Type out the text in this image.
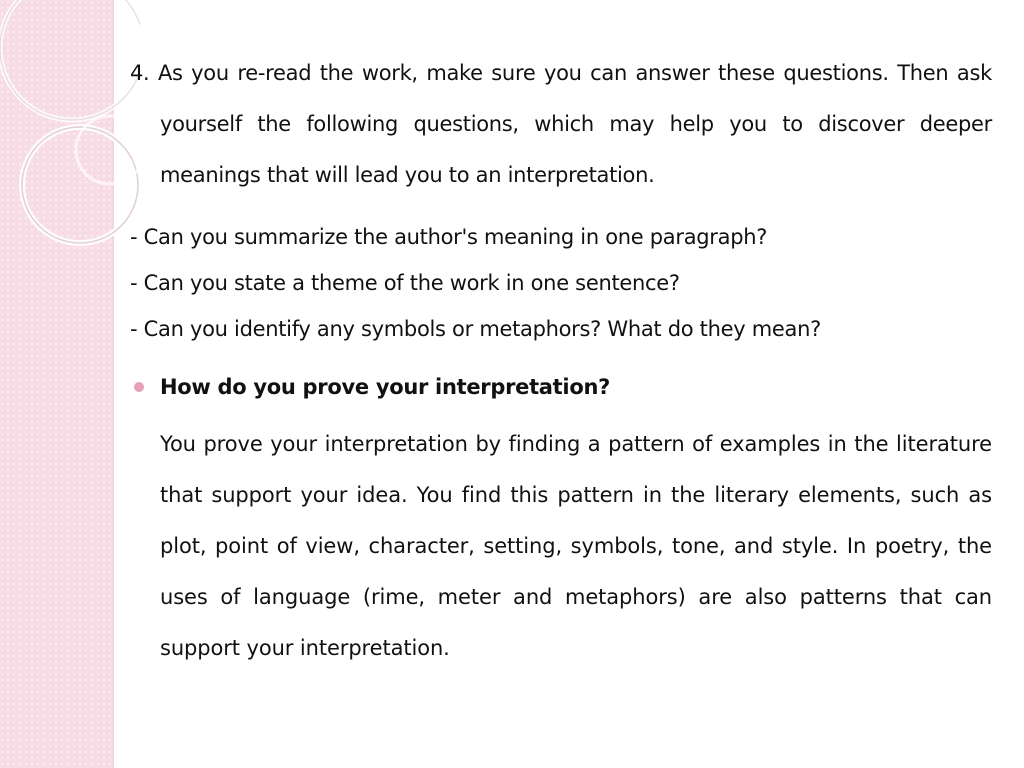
4. As you re-read the work, make sure you can answer these questions. Then ask yourself the following questions, which may help you to discover deeper meanings that will lead you to an interpretation.

- Can you summarize the author's meaning in one paragraph?

- Can you state a theme of the work in one sentence?

- Can you identify any symbols or metaphors? What do they mean?

How do you prove your interpretation?

You prove your interpretation by finding a pattern of examples in the literature that support your idea. You find this pattern in the literary elements, such as plot, point of view, character, setting, symbols, tone, and style. In poetry, the uses of language (rime, meter and metaphors) are also patterns that can support your interpretation.
